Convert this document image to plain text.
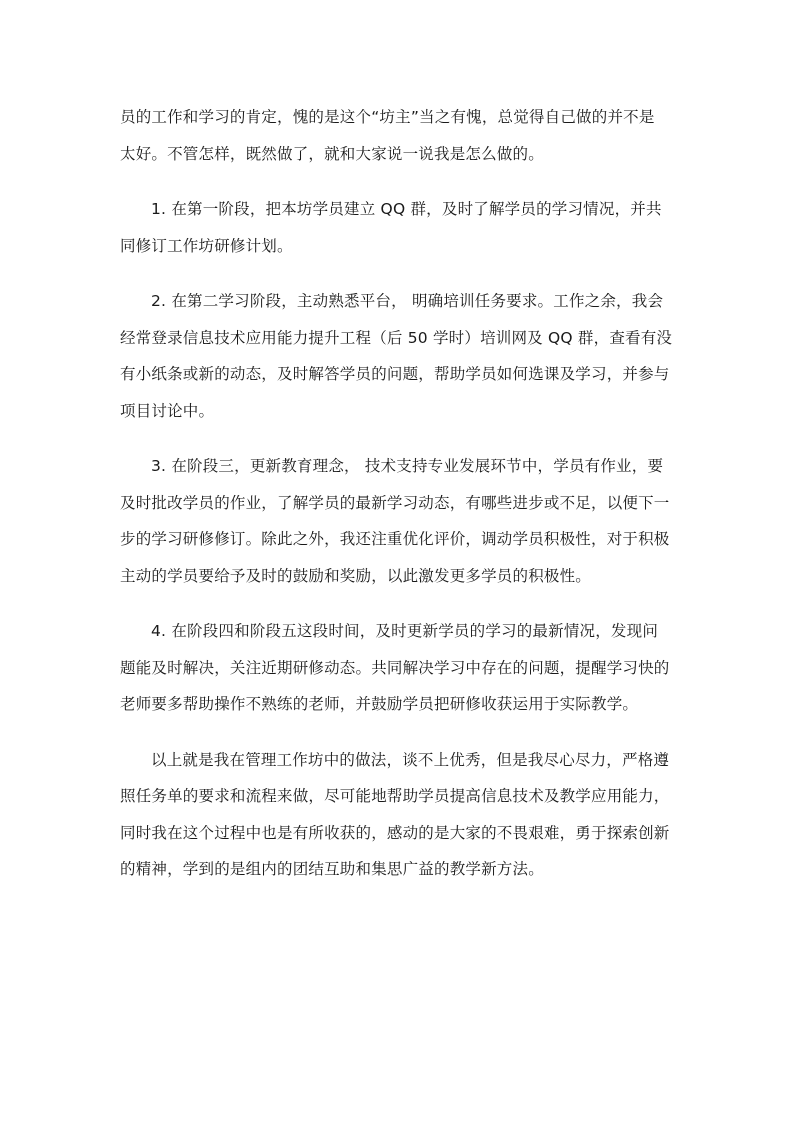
员的工作和学习的肯定，愧的是这个“坊主”当之有愧，总觉得自己做的并不是
太好。不管怎样，既然做了，就和大家说一说我是怎么做的。

1. 在第一阶段，把本坊学员建立 QQ 群，及时了解学员的学习情况，并共
同修订工作坊研修计划。

2. 在第二学习阶段，主动熟悉平台， 明确培训任务要求。工作之余，我会
经常登录信息技术应用能力提升工程（后 50 学时）培训网及 QQ 群，查看有没
有小纸条或新的动态，及时解答学员的问题，帮助学员如何选课及学习，并参与
项目讨论中。

3. 在阶段三，更新教育理念， 技术支持专业发展环节中，学员有作业，要
及时批改学员的作业，了解学员的最新学习动态，有哪些进步或不足，以便下一
步的学习研修修订。除此之外，我还注重优化评价，调动学员积极性，对于积极
主动的学员要给予及时的鼓励和奖励，以此激发更多学员的积极性。

4. 在阶段四和阶段五这段时间，及时更新学员的学习的最新情况，发现问
题能及时解决，关注近期研修动态。共同解决学习中存在的问题，提醒学习快的
老师要多帮助操作不熟练的老师，并鼓励学员把研修收获运用于实际教学。

以上就是我在管理工作坊中的做法，谈不上优秀，但是我尽心尽力，严格遵
照任务单的要求和流程来做，尽可能地帮助学员提高信息技术及教学应用能力，
同时我在这个过程中也是有所收获的，感动的是大家的不畏艰难，勇于探索创新
的精神，学到的是组内的团结互助和集思广益的教学新方法。
